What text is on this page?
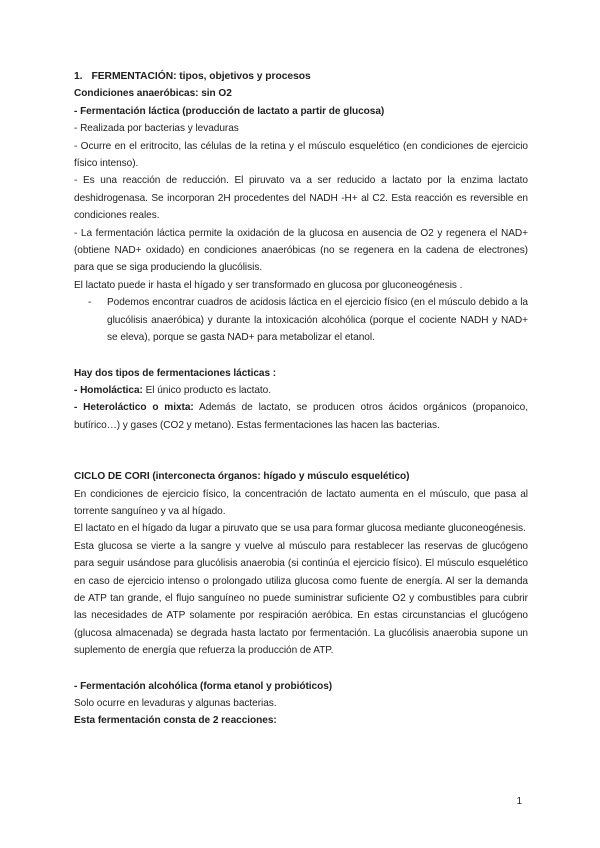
1. FERMENTACIÓN: tipos, objetivos y procesos

Condiciones anaeróbicas: sin O2

- Fermentación láctica (producción de lactato a partir de glucosa)

- Realizada por bacterias y levaduras

- Ocurre en el eritrocito, las células de la retina y el músculo esquelético (en condiciones de ejercicio físico intenso).

- Es una reacción de reducción. El piruvato va a ser reducido a lactato por la enzima lactato deshidrogenasa. Se incorporan 2H procedentes del NADH -H+ al C2. Esta reacción es reversible en condiciones reales.

- La fermentación láctica permite la oxidación de la glucosa en ausencia de O2 y regenera el NAD+ (obtiene NAD+ oxidado) en condiciones anaeróbicas (no se regenera en la cadena de electrones) para que se siga produciendo la glucólisis.

El lactato puede ir hasta el hígado y ser transformado en glucosa por gluconeogénesis .

- Podemos encontrar cuadros de acidosis láctica en el ejercicio físico (en el músculo debido a la glucólisis anaeróbica) y durante la intoxicación alcohólica (porque el cociente NADH y NAD+ se eleva), porque se gasta NAD+ para metabolizar el etanol.

Hay dos tipos de fermentaciones lácticas :

- Homoláctica: El único producto es lactato.

- Heteroláctico o mixta: Además de lactato, se producen otros ácidos orgánicos (propanoico, butírico…) y gases (CO2 y metano). Estas fermentaciones las hacen las bacterias.

CICLO DE CORI (interconecta órganos: hígado y músculo esquelético)

En condiciones de ejercicio físico, la concentración de lactato aumenta en el músculo, que pasa al torrente sanguíneo y va al hígado.

El lactato en el hígado da lugar a piruvato que se usa para formar glucosa mediante gluconeogénesis.

Esta glucosa se vierte a la sangre y vuelve al músculo para restablecer las reservas de glucógeno para seguir usándose para glucólisis anaerobia (si continúa el ejercicio físico). El músculo esquelético en caso de ejercicio intenso o prolongado utiliza glucosa como fuente de energía. Al ser la demanda de ATP tan grande, el flujo sanguíneo no puede suministrar suficiente O2 y combustibles para cubrir las necesidades de ATP solamente por respiración aeróbica. En estas circunstancias el glucógeno (glucosa almacenada) se degrada hasta lactato por fermentación. La glucólisis anaerobia supone un suplemento de energía que refuerza la producción de ATP.

- Fermentación alcohólica (forma etanol y probióticos)

Solo ocurre en levaduras y algunas bacterias.

Esta fermentación consta de 2 reacciones:

1
